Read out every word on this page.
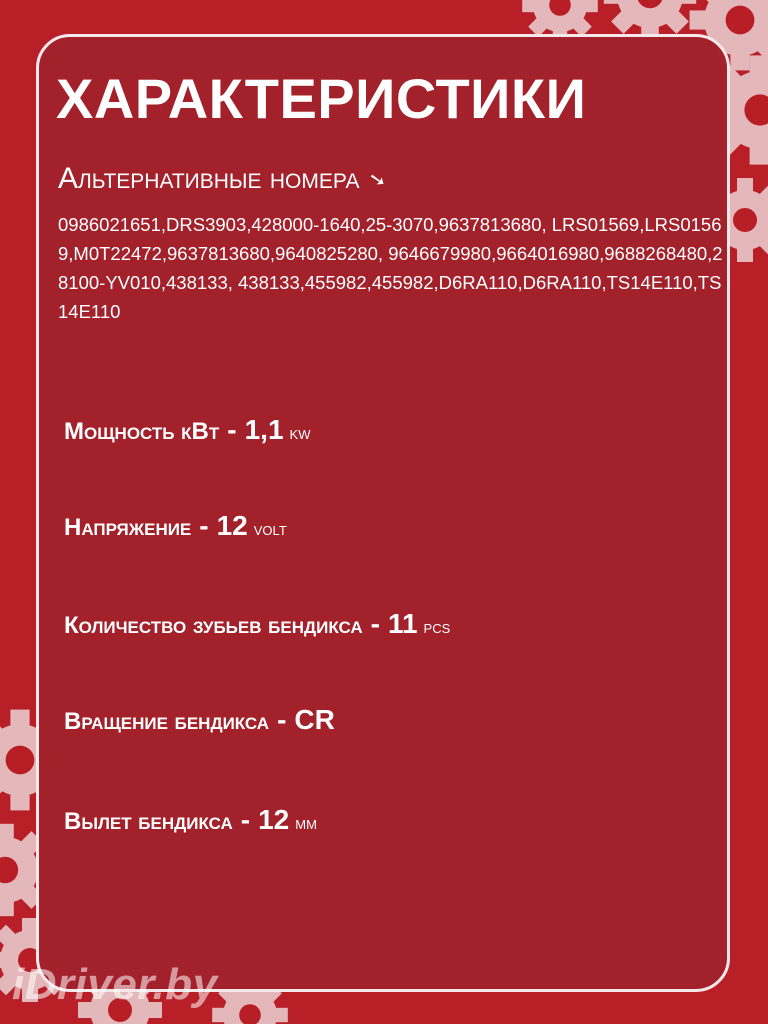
ХАРАКТЕРИСТИКИ
Альтернативные номера ➘

0986021651,DRS3903,428000-1640,25-3070,9637813680, LRS01569,LRS01569,M0T22472,9637813680,9640825280, 9646679980,9664016980,9688268480,28100-YV010,438133, 438133,455982,455982,D6RA110,D6RA110,TS14E110,TS14E110

Мощность кВт - 1,1 kw
Напряжение - 12 volt
Количество зубьев бендикса - 11 pcs
Вращение бендикса - CR
Вылет бендикса - 12 мм
iDriver.by
